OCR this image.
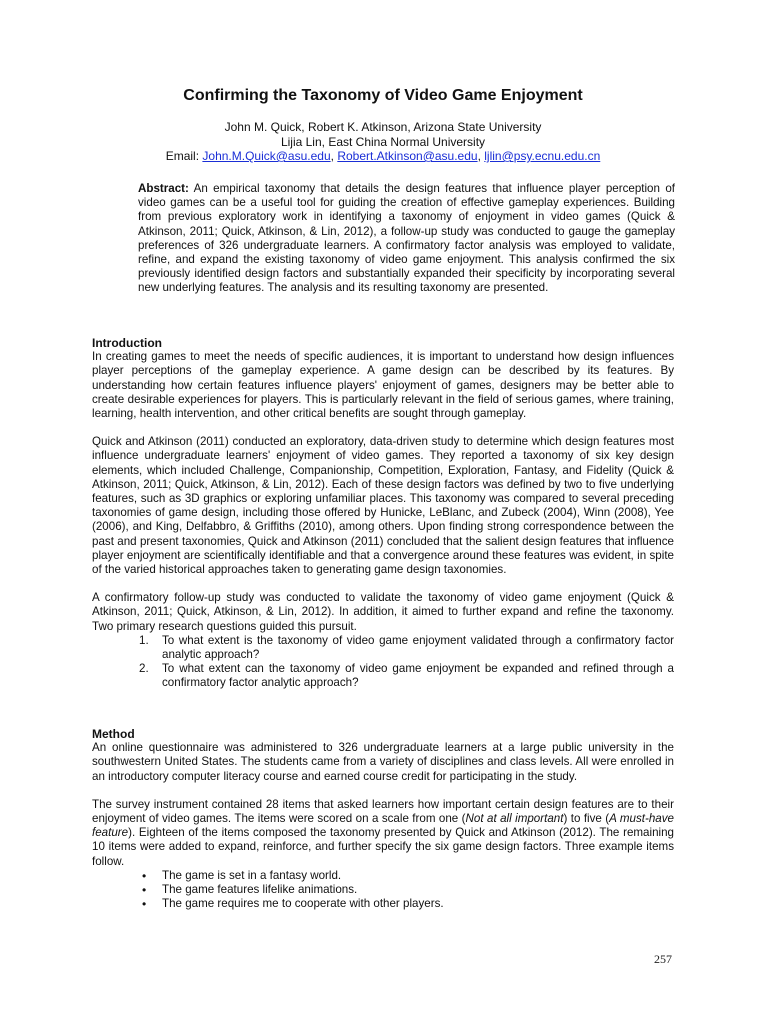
Confirming the Taxonomy of Video Game Enjoyment
John M. Quick, Robert K. Atkinson, Arizona State University
Lijia Lin, East China Normal University
Email: John.M.Quick@asu.edu, Robert.Atkinson@asu.edu, ljlin@psy.ecnu.edu.cn

Abstract: An empirical taxonomy that details the design features that influence player perception of video games can be a useful tool for guiding the creation of effective gameplay experiences. Building from previous exploratory work in identifying a taxonomy of enjoyment in video games (Quick & Atkinson, 2011; Quick, Atkinson, & Lin, 2012), a follow-up study was conducted to gauge the gameplay preferences of 326 undergraduate learners. A confirmatory factor analysis was employed to validate, refine, and expand the existing taxonomy of video game enjoyment. This analysis confirmed the six previously identified design factors and substantially expanded their specificity by incorporating several new underlying features. The analysis and its resulting taxonomy are presented.

Introduction

In creating games to meet the needs of specific audiences, it is important to understand how design influences player perceptions of the gameplay experience. A game design can be described by its features. By understanding how certain features influence players' enjoyment of games, designers may be better able to create desirable experiences for players. This is particularly relevant in the field of serious games, where training, learning, health intervention, and other critical benefits are sought through gameplay.

Quick and Atkinson (2011) conducted an exploratory, data-driven study to determine which design features most influence undergraduate learners' enjoyment of video games. They reported a taxonomy of six key design elements, which included Challenge, Companionship, Competition, Exploration, Fantasy, and Fidelity (Quick & Atkinson, 2011; Quick, Atkinson, & Lin, 2012). Each of these design factors was defined by two to five underlying features, such as 3D graphics or exploring unfamiliar places. This taxonomy was compared to several preceding taxonomies of game design, including those offered by Hunicke, LeBlanc, and Zubeck (2004), Winn (2008), Yee (2006), and King, Delfabbro, & Griffiths (2010), among others. Upon finding strong correspondence between the past and present taxonomies, Quick and Atkinson (2011) concluded that the salient design features that influence player enjoyment are scientifically identifiable and that a convergence around these features was evident, in spite of the varied historical approaches taken to generating game design taxonomies.

A confirmatory follow-up study was conducted to validate the taxonomy of video game enjoyment (Quick & Atkinson, 2011; Quick, Atkinson, & Lin, 2012). In addition, it aimed to further expand and refine the taxonomy. Two primary research questions guided this pursuit.

1. To what extent is the taxonomy of video game enjoyment validated through a confirmatory factor analytic approach?
2. To what extent can the taxonomy of video game enjoyment be expanded and refined through a confirmatory factor analytic approach?

Method

An online questionnaire was administered to 326 undergraduate learners at a large public university in the southwestern United States. The students came from a variety of disciplines and class levels. All were enrolled in an introductory computer literacy course and earned course credit for participating in the study.

The survey instrument contained 28 items that asked learners how important certain design features are to their enjoyment of video games. The items were scored on a scale from one (Not at all important) to five (A must-have feature). Eighteen of the items composed the taxonomy presented by Quick and Atkinson (2012). The remaining 10 items were added to expand, reinforce, and further specify the six game design factors. Three example items follow.

• The game is set in a fantasy world.
• The game features lifelike animations.
• The game requires me to cooperate with other players.
257
